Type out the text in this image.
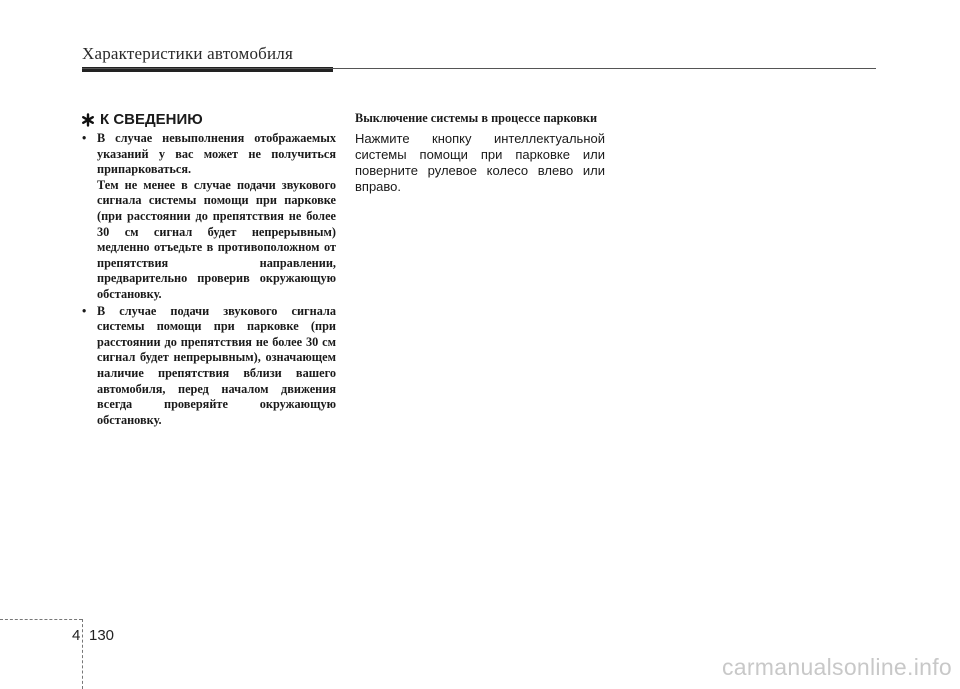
Характеристики автомобиля
К СВЕДЕНИЮ
• В случае невыполнения отображаемых указаний у вас может не получиться припарковаться.

Тем не менее в случае подачи звукового сигнала системы помощи при парковке (при расстоянии до препятствия не более 30 см сигнал будет непрерывным) медленно отъедьте в противоположном от препятствия направлении, предварительно проверив окружающую обстановку.

• В случае подачи звукового сигнала системы помощи при парковке (при расстоянии до препятствия не более 30 см сигнал будет непрерывным), означающем наличие препятствия вблизи вашего автомобиля, перед началом движения всегда проверяйте окружающую обстановку.

Выключение системы в процессе парковки

Нажмите кнопку интеллектуальной системы помощи при парковке или поверните рулевое колесо влево или вправо.

4 130
carmanualsonline.info
